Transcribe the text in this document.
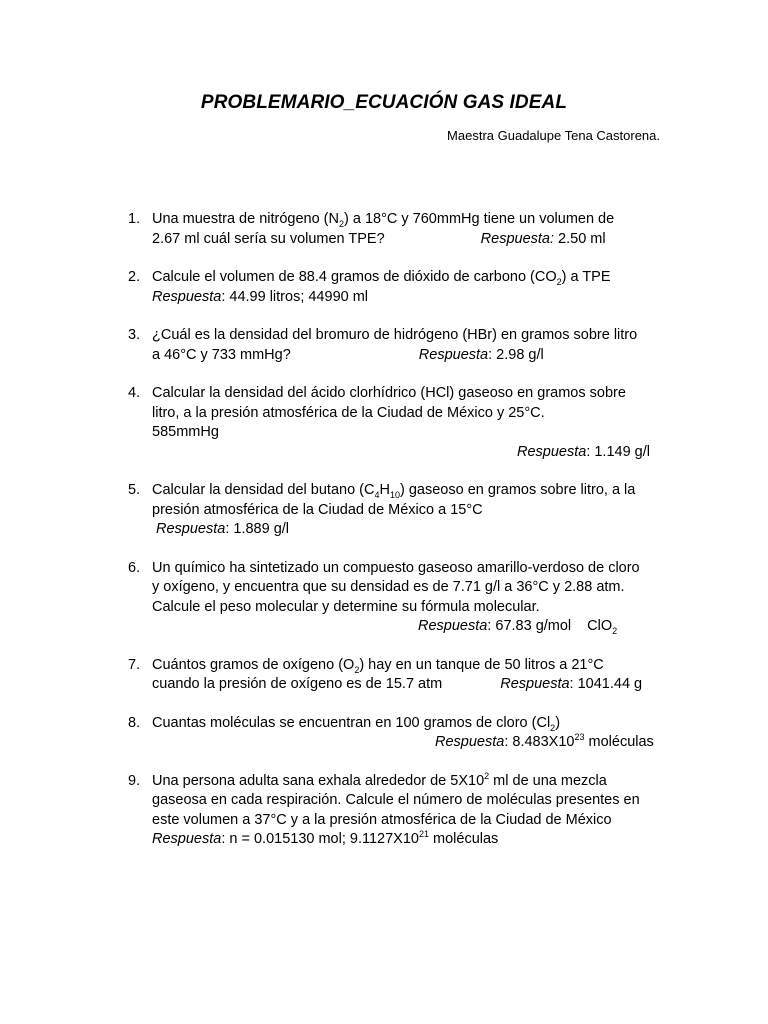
PROBLEMARIO_ECUACIÓN GAS IDEAL
Maestra Guadalupe Tena Castorena.
1. Una muestra de nitrógeno $(N_2)$ a 18°C y 760mmHg tiene un volumen de
2.67 ml cuál sería su volumen TPE?	Respuesta: 2.50 ml
2. Calcule el volumen de 88.4 gramos de dióxido de carbono $(CO_2)$ a TPE
Respuesta: 44.99 litros; 44990 ml
3. ¿Cuál es la densidad del bromuro de hidrógeno (HBr) en gramos sobre litro
a 46°C y 733 mmHg?	Respuesta: 2.98 g/l
4. Calcular la densidad del ácido clorhídrico (HCl) gaseoso en gramos sobre
litro, a la presión atmosférica de la Ciudad de México y 25°C.
585mmHg
Respuesta: 1.149 g/l
5. Calcular la densidad del butano $(C_4H_{10})$ gaseoso en gramos sobre litro, a la
presión atmosférica de la Ciudad de México a 15°C
Respuesta: 1.889 g/l
6. Un químico ha sintetizado un compuesto gaseoso amarillo-verdoso de cloro
y oxígeno, y encuentra que su densidad es de 7.71 g/l a 36°C y 2.88 atm.
Calcule el peso molecular y determine su fórmula molecular.
Respuesta: 67.83 g/mol ClO$_2$
7. Cuántos gramos de oxígeno $(O_2)$ hay en un tanque de 50 litros a 21°C
cuando la presión de oxígeno es de 15.7 atm	Respuesta: 1041.44 g
8. Cuantas moléculas se encuentran en 100 gramos de cloro $(Cl_2)$
Respuesta: $8.483X10^{23}$ moléculas
9. Una persona adulta sana exhala alrededor de $5X10^2$ ml de una mezcla
gaseosa en cada respiración. Calcule el número de moléculas presentes en
este volumen a 37°C y a la presión atmosférica de la Ciudad de México
Respuesta: n = 0.015130 mol; $9.1127X10^{21}$ moléculas
